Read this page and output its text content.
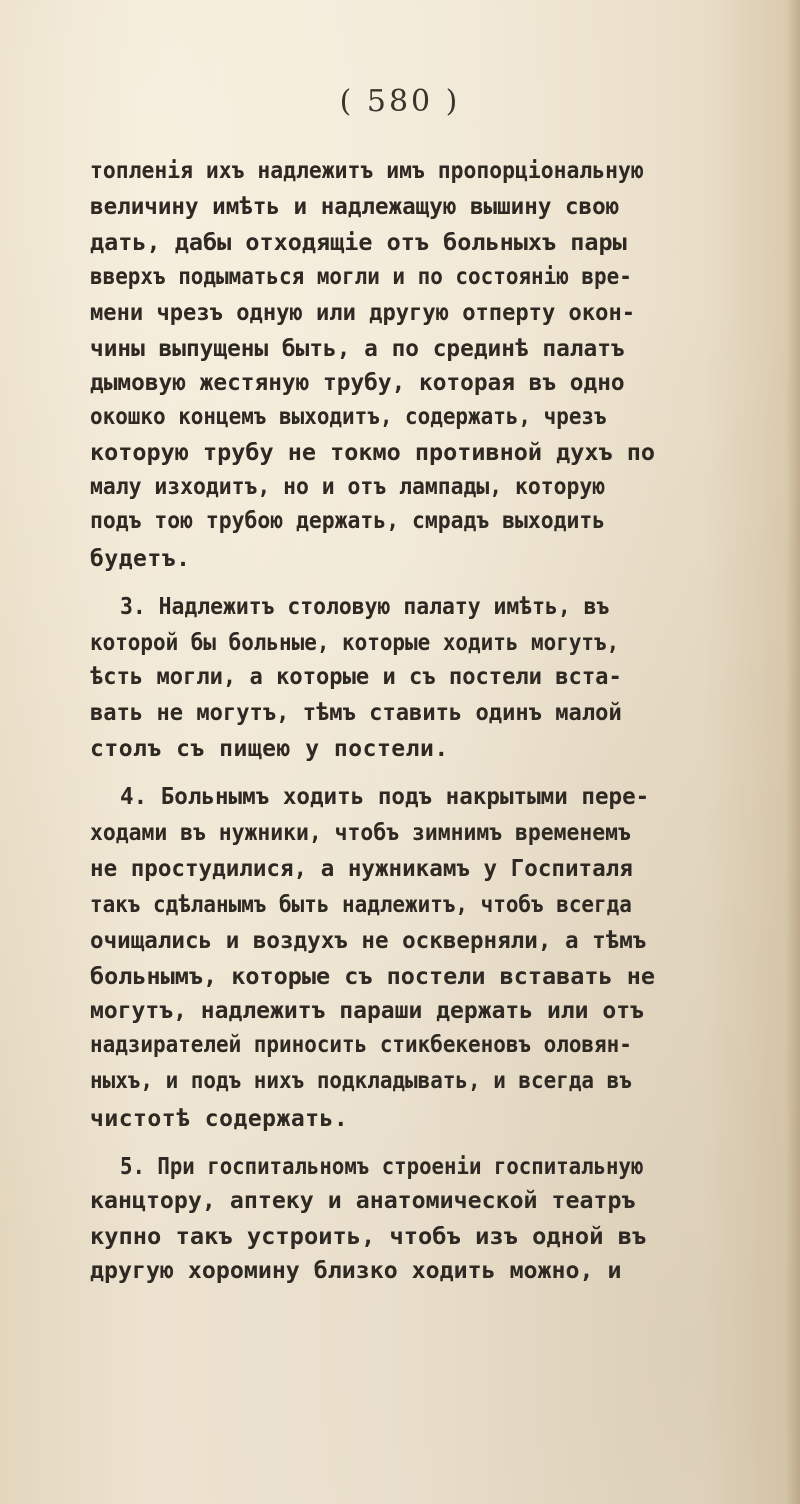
( 580 )
топленія ихъ надлежитъ имъ пропорціональную
величину имѣть и надлежащую вышину свою
дать, дабы отходящіе отъ больныхъ пары
вверхъ подыматься могли и по состоянію вре-
мени чрезъ одную или другую отперту окон-
чины выпущены быть, а по срединѣ палатъ
дымовую жестяную трубу, которая въ одно
окошко концемъ выходитъ, содержать, чрезъ
которую трубу не токмо противной духъ по
малу изходитъ, но и отъ лампады, которую
подъ тою трубою держать, смрадъ выходить
будетъ.
3. Надлежитъ столовую палату имѣть, въ
которой бы больные, которые ходить могутъ,
ѣсть могли, а которые и съ постели вста-
вать не могутъ, тѣмъ ставить одинъ малой
столъ съ пищею у постели.
4. Больнымъ ходить подъ накрытыми пере-
ходами въ нужники, чтобъ зимнимъ временемъ
не простудилися, а нужникамъ у Госпиталя
такъ сдѣланымъ быть надлежитъ, чтобъ всегда
очищались и воздухъ не оскверняли, а тѣмъ
больнымъ, которые съ постели вставать не
могутъ, надлежитъ параши держать или отъ
надзирателей приносить стикбекеновъ оловян-
ныхъ, и подъ нихъ подкладывать, и всегда въ
чистотѣ содержать.
5. При госпитальномъ строеніи госпитальную
канцтору, аптеку и анатомической театръ
купно такъ устроить, чтобъ изъ одной въ
другую хоромину близко ходить можно, и
